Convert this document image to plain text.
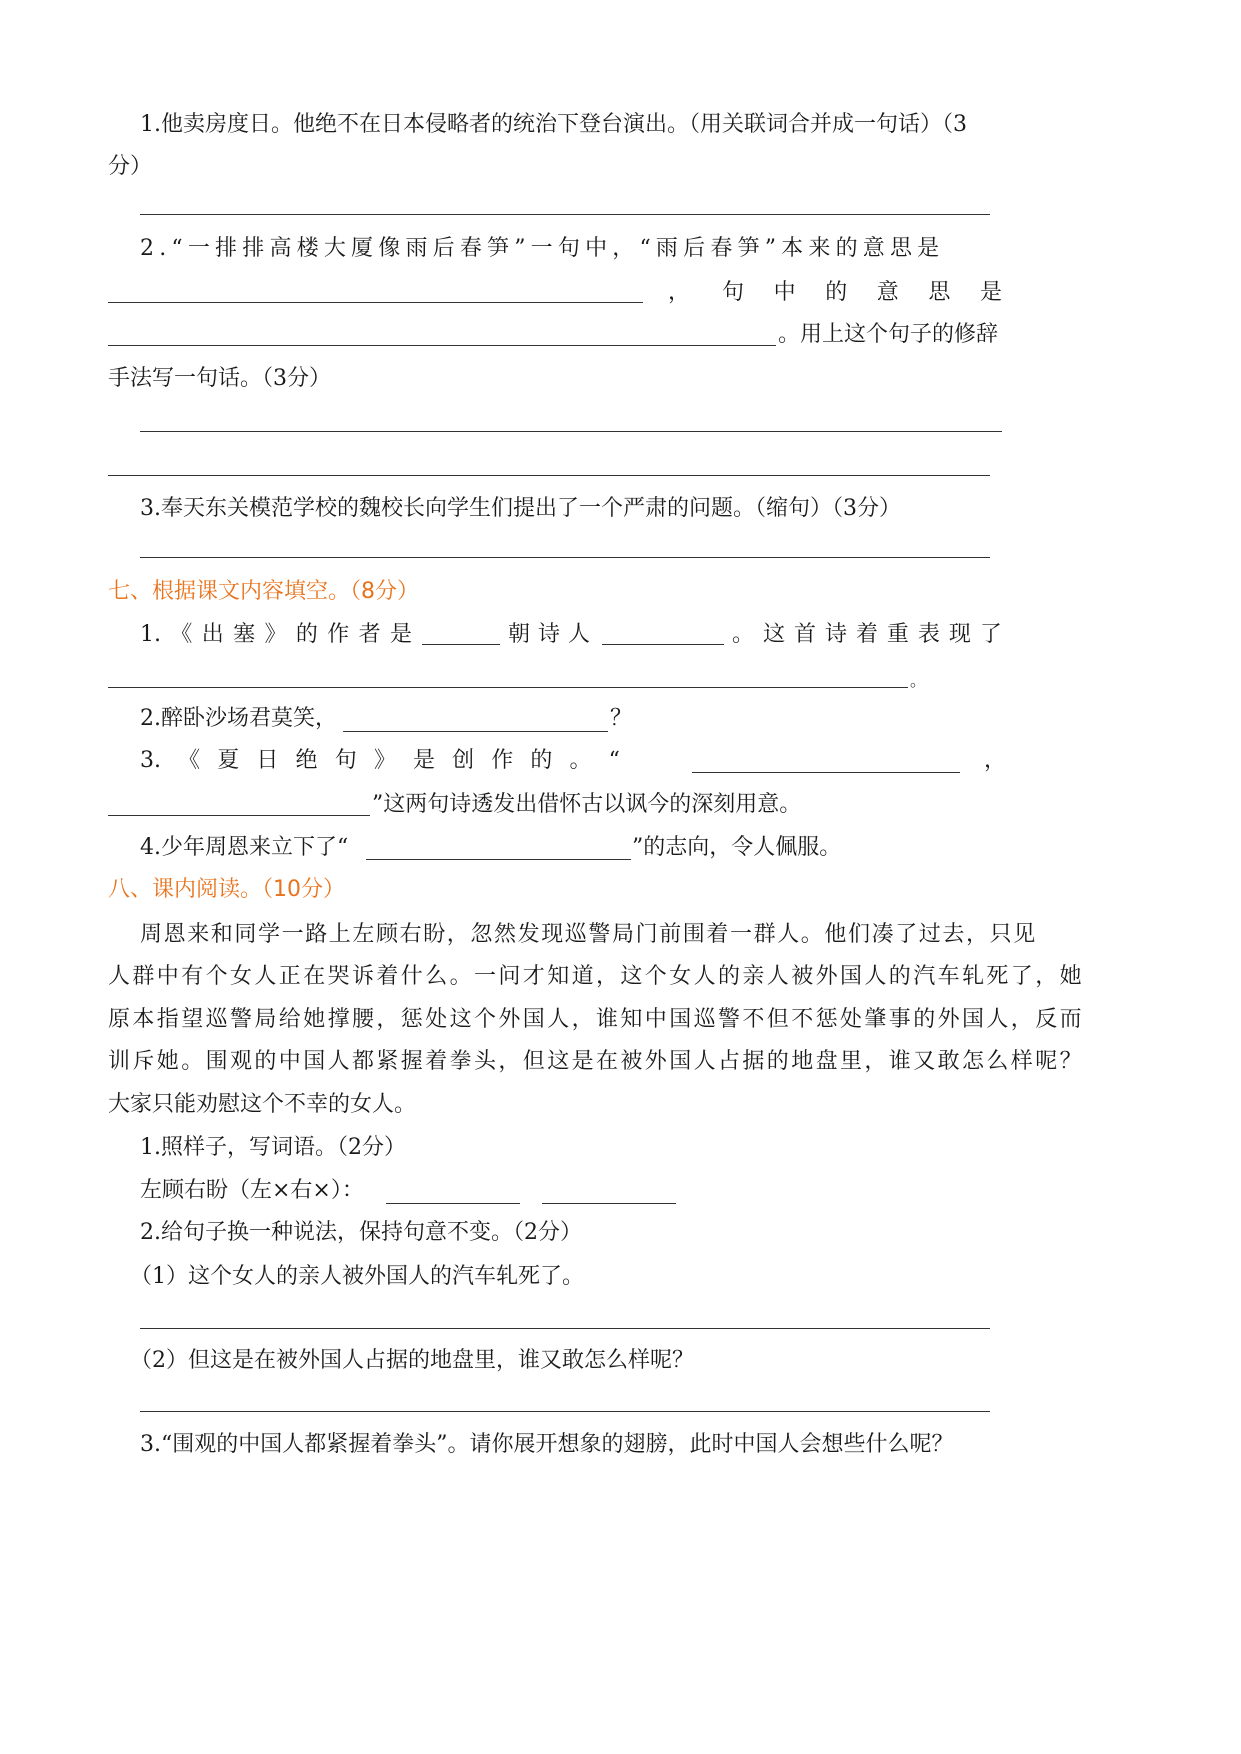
1.他卖房度日。他绝不在日本侵略者的统治下登台演出。（用关联词合并成一句话）（3
分）
2.“一排排高楼大厦像雨后春笋”一句中，“雨后春笋”本来的意思是
， 句 中 的 意 思 是
。用上这个句子的修辞
手法写一句话。（3分）
3.奉天东关模范学校的魏校长向学生们提出了一个严肃的问题。（缩句）（3分）
七、根据课文内容填空。（8分）
1. 《 出 塞 》 的 作 者 是	朝诗人	。 这 首 诗 着 重 表 现 了
。
2.醉卧沙场君莫笑，	？
3. 《 夏 日 绝 句 》 是 创 作 的 。 “	，
”这两句诗透发出借怀古以讽今的深刻用意。
4.少年周恩来立下了“	”的志向，令人佩服。
八、课内阅读。（10分）
周恩来和同学一路上左顾右盼，忽然发现巡警局门前围着一群人。他们凑了过去，只见
人群中有个女人正在哭诉着什么。一问才知道，这个女人的亲人被外国人的汽车轧死了，她
原本指望巡警局给她撑腰，惩处这个外国人，谁知中国巡警不但不惩处肇事的外国人，反而
训斥她。围观的中国人都紧握着拳头，但这是在被外国人占据的地盘里，谁又敢怎么样呢？
大家只能劝慰这个不幸的女人。
1.照样子，写词语。（2分）
左顾右盼（左×右×）：
2.给句子换一种说法，保持句意不变。（2分）
（1）这个女人的亲人被外国人的汽车轧死了。
（2）但这是在被外国人占据的地盘里，谁又敢怎么样呢？
3.“围观的中国人都紧握着拳头”。请你展开想象的翅膀，此时中国人会想些什么呢？
